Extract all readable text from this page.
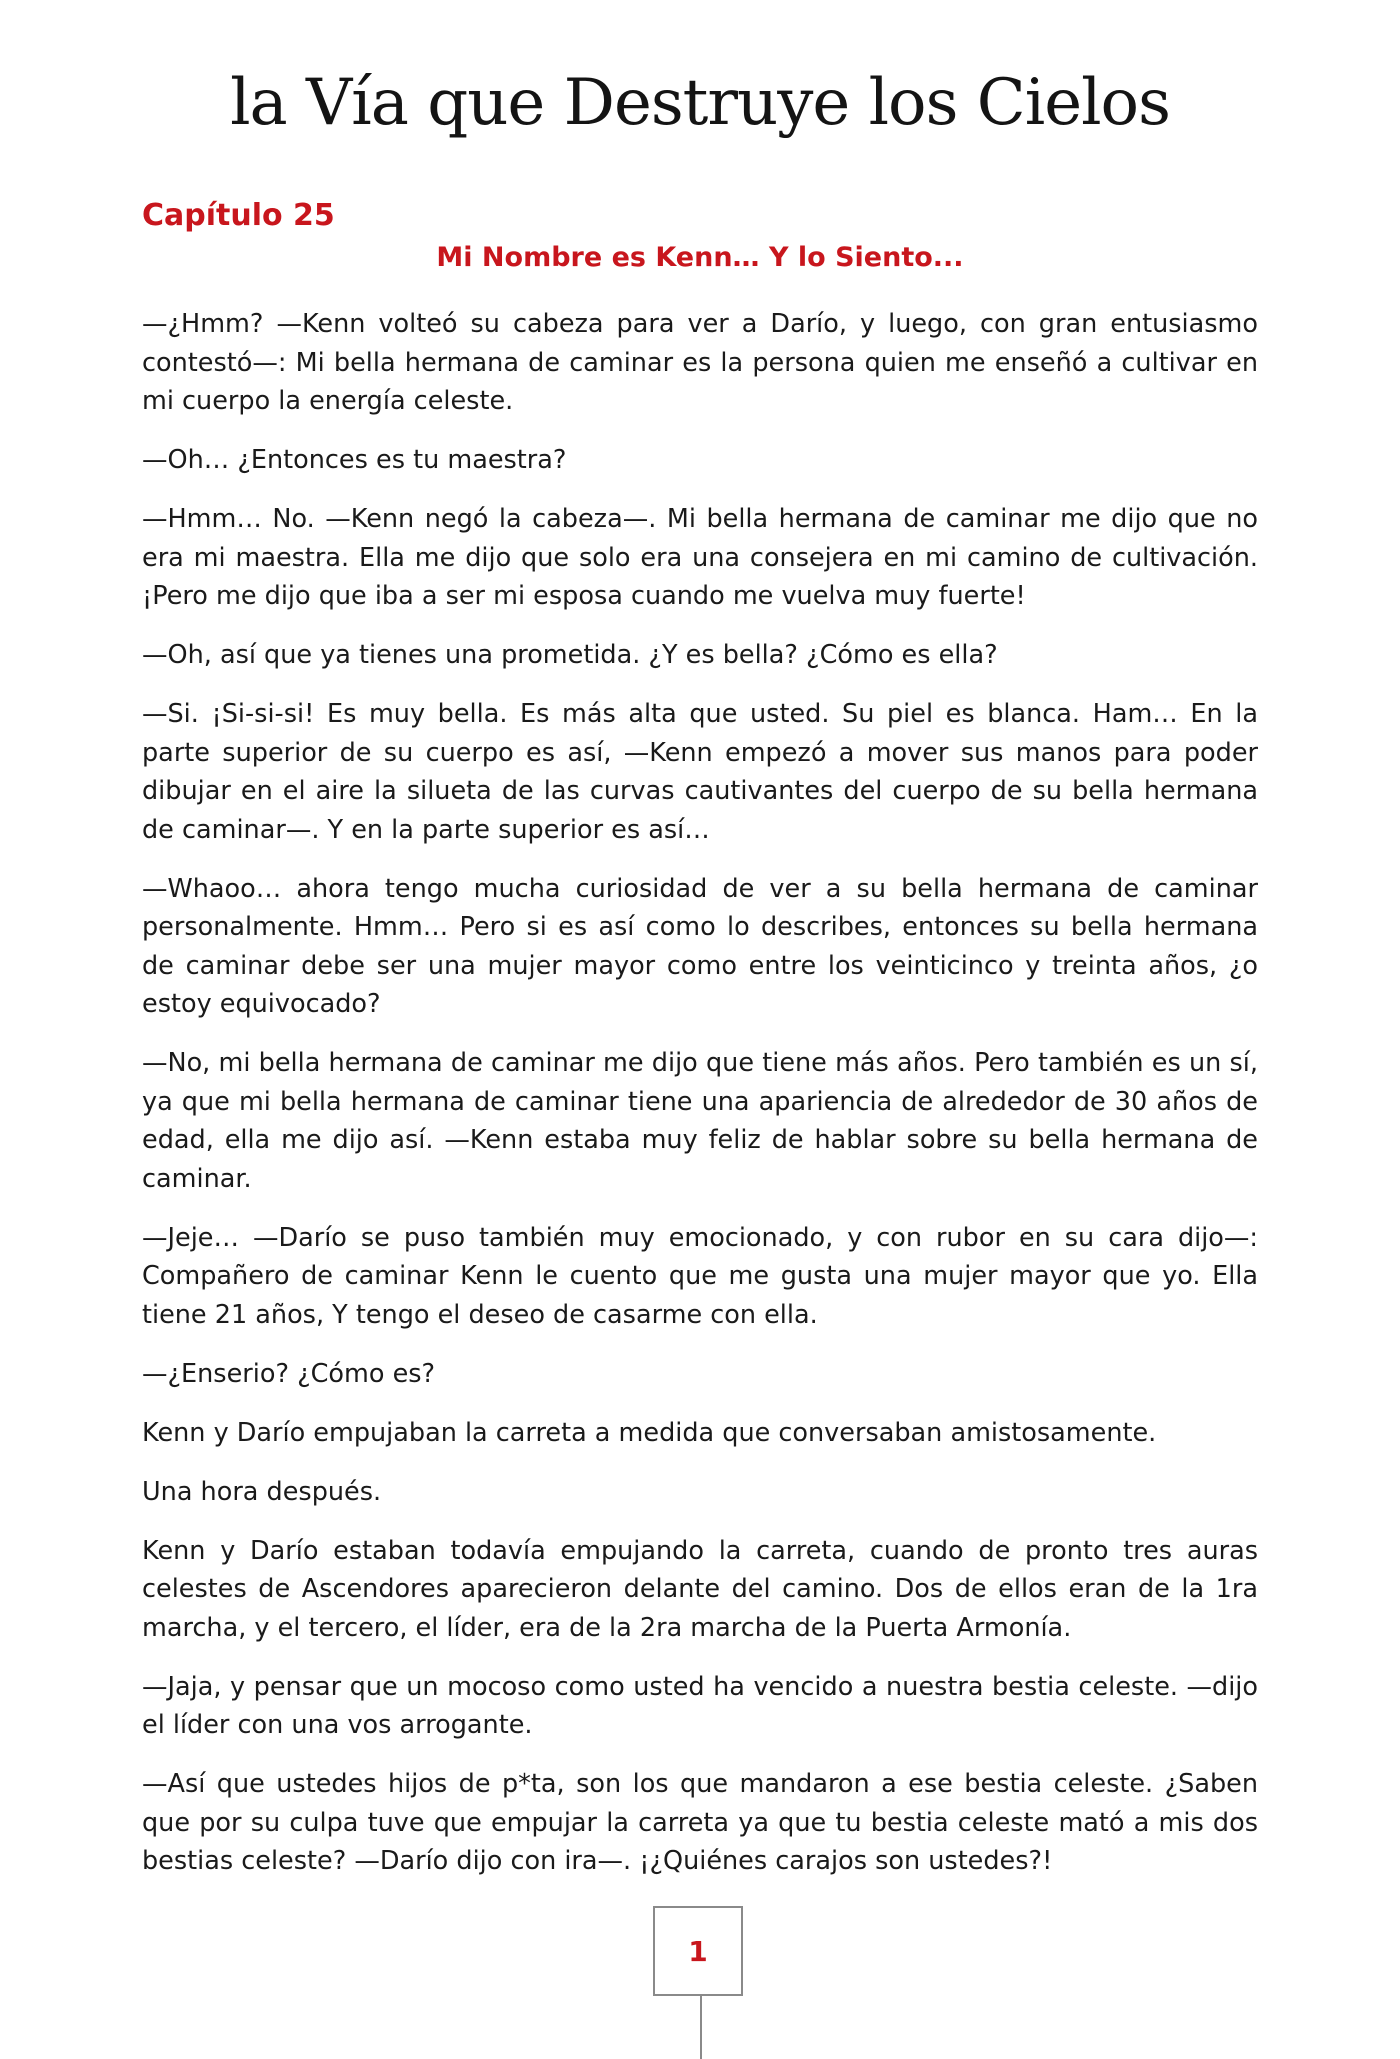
la Vía que Destruye los Cielos
Capítulo 25
Mi Nombre es Kenn… Y lo Siento...

—¿Hmm? —Kenn volteó su cabeza para ver a Darío, y luego, con gran entusiasmo contestó—: Mi bella hermana de caminar es la persona quien me enseñó a cultivar en mi cuerpo la energía celeste.

—Oh… ¿Entonces es tu maestra?

—Hmm… No. —Kenn negó la cabeza—. Mi bella hermana de caminar me dijo que no era mi maestra. Ella me dijo que solo era una consejera en mi camino de cultivación. ¡Pero me dijo que iba a ser mi esposa cuando me vuelva muy fuerte!

—Oh, así que ya tienes una prometida. ¿Y es bella? ¿Cómo es ella?

—Si. ¡Si-si-si! Es muy bella. Es más alta que usted. Su piel es blanca. Ham… En la parte superior de su cuerpo es así, —Kenn empezó a mover sus manos para poder dibujar en el aire la silueta de las curvas cautivantes del cuerpo de su bella hermana de caminar—. Y en la parte superior es así…

—Whaoo… ahora tengo mucha curiosidad de ver a su bella hermana de caminar personalmente. Hmm… Pero si es así como lo describes, entonces su bella hermana de caminar debe ser una mujer mayor como entre los veinticinco y treinta años, ¿o estoy equivocado?

—No, mi bella hermana de caminar me dijo que tiene más años. Pero también es un sí, ya que mi bella hermana de caminar tiene una apariencia de alrededor de 30 años de edad, ella me dijo así. —Kenn estaba muy feliz de hablar sobre su bella hermana de caminar.

—Jeje… —Darío se puso también muy emocionado, y con rubor en su cara dijo—: Compañero de caminar Kenn le cuento que me gusta una mujer mayor que yo. Ella tiene 21 años, Y tengo el deseo de casarme con ella.

—¿Enserio? ¿Cómo es?

Kenn y Darío empujaban la carreta a medida que conversaban amistosamente.

Una hora después.

Kenn y Darío estaban todavía empujando la carreta, cuando de pronto tres auras celestes de Ascendores aparecieron delante del camino. Dos de ellos eran de la 1ra marcha, y el tercero, el líder, era de la 2ra marcha de la Puerta Armonía.

—Jaja, y pensar que un mocoso como usted ha vencido a nuestra bestia celeste. —dijo el líder con una vos arrogante.

—Así que ustedes hijos de p*ta, son los que mandaron a ese bestia celeste. ¿Saben que por su culpa tuve que empujar la carreta ya que tu bestia celeste mató a mis dos bestias celeste? —Darío dijo con ira—. ¡¿Quiénes carajos son ustedes?!

1
